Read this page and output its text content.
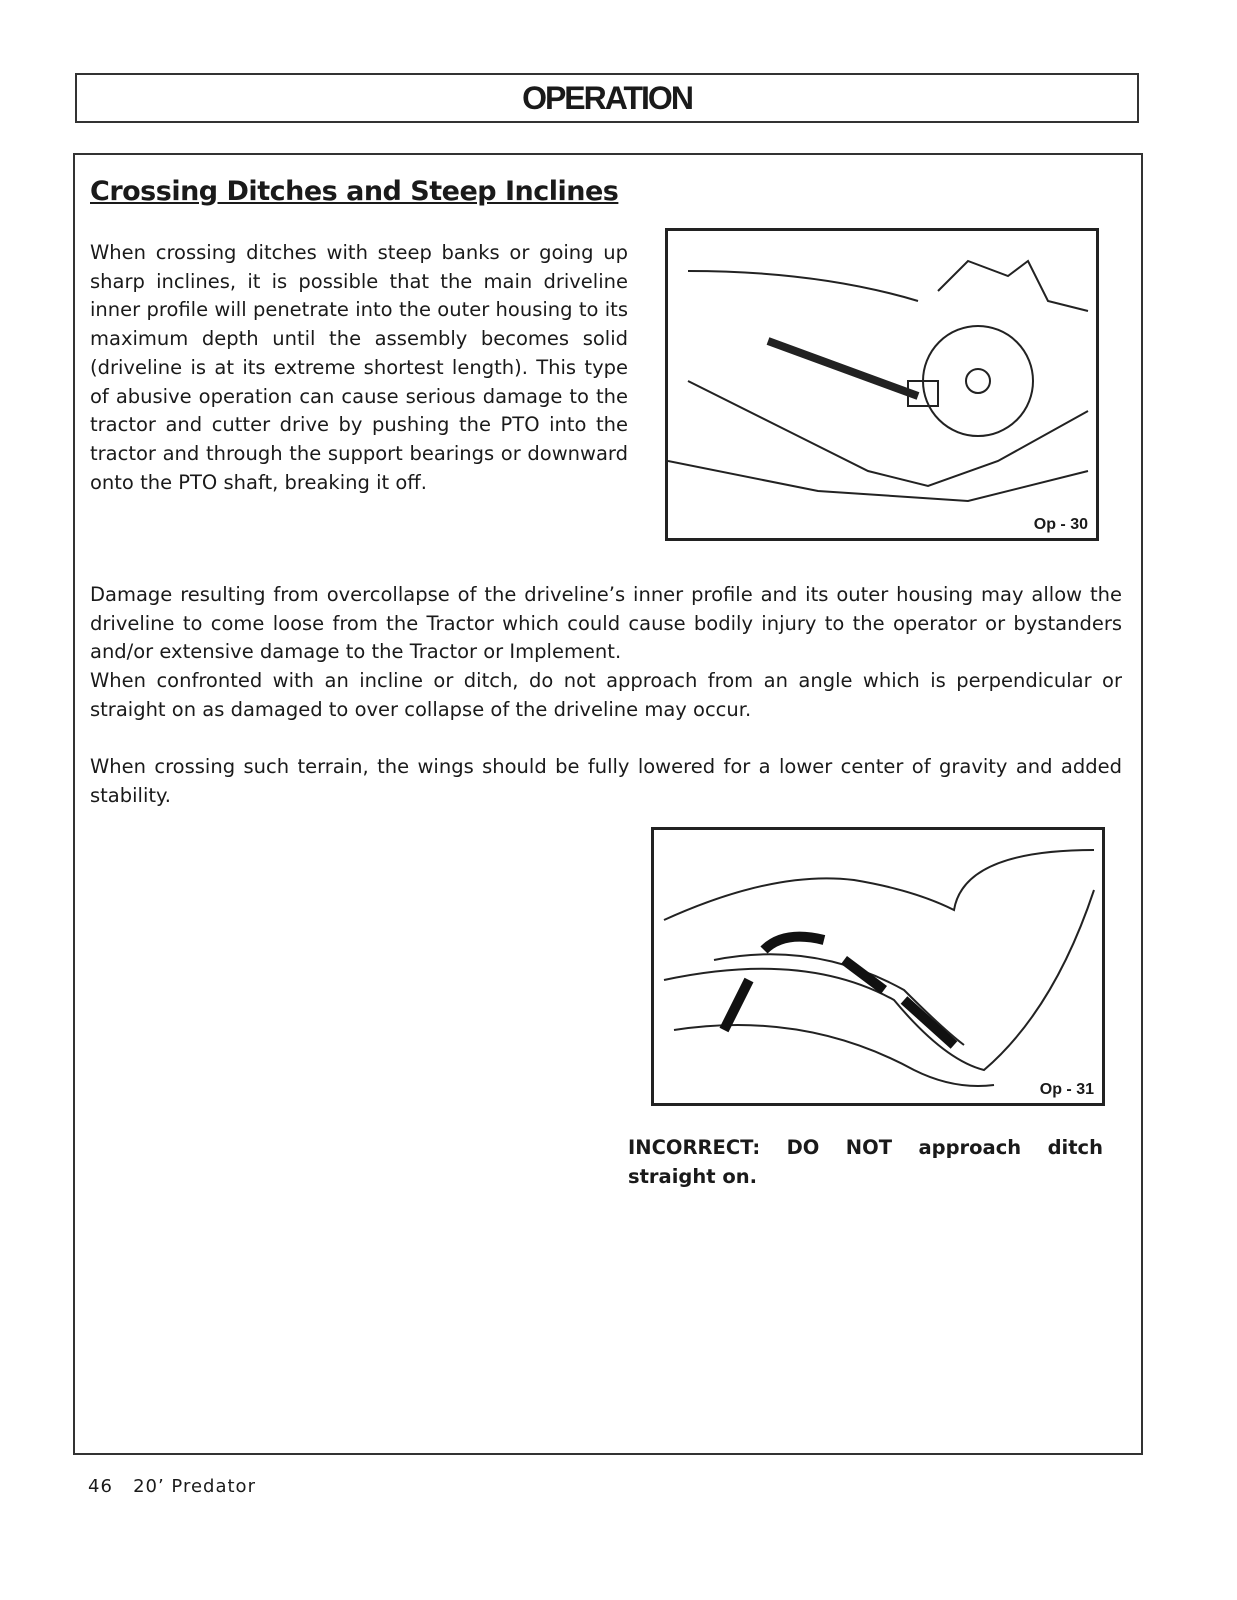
OPERATION
Crossing Ditches and Steep Inclines
When crossing ditches with steep banks or going up sharp inclines, it is possible that the main driveline inner profile will penetrate into the outer housing to its maximum depth until the assembly becomes solid (driveline is at its extreme shortest length). This type of abusive operation can cause serious damage to the tractor and cutter drive by pushing the PTO into the tractor and through the support bearings or downward onto the PTO shaft, breaking it off.
Op - 30
Damage resulting from overcollapse of the driveline’s inner profile and its outer housing may allow the driveline to come loose from the Tractor which could cause bodily injury to the operator or bystanders and/or extensive damage to the Tractor or Implement.
When confronted with an incline or ditch, do not approach from an angle which is perpendicular or straight on as damaged to over collapse of the driveline may occur.
When crossing such terrain, the wings should be fully lowered for a lower center of gravity and added stability.
Op - 31
INCORRECT: DO NOT approach ditch straight on.
46 20’ Predator
